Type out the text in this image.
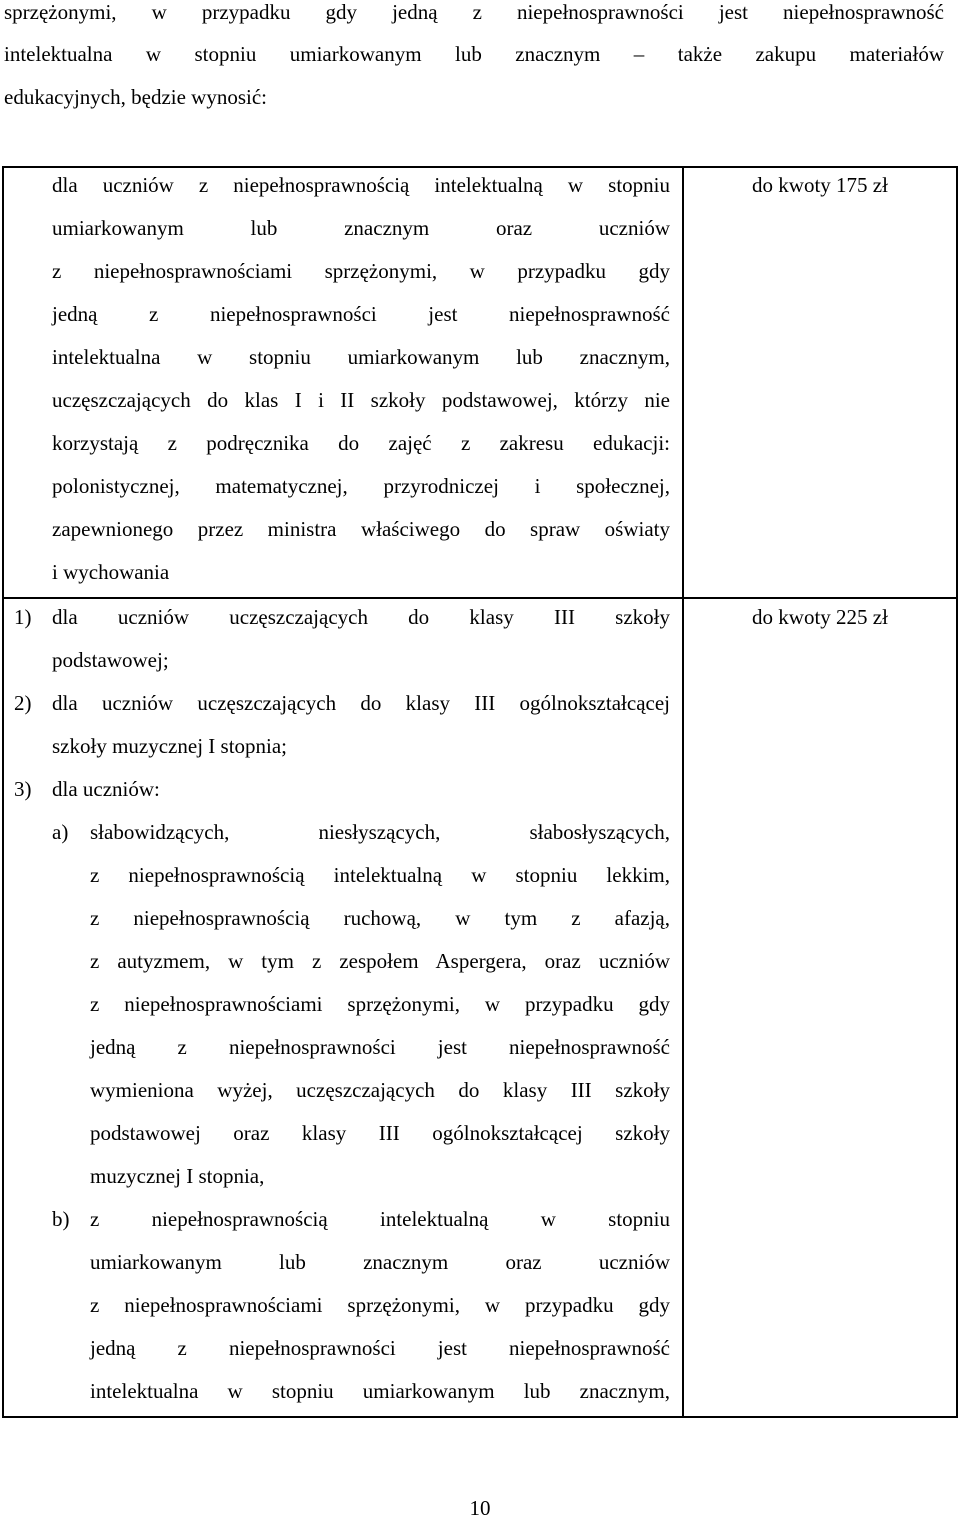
sprzężonymi, w przypadku gdy jedną z niepełnosprawności jest niepełnosprawność
intelektualna w stopniu umiarkowanym lub znacznym – także zakupu materiałów
edukacyjnych, będzie wynosić:
dla uczniów z niepełnosprawnością intelektualną w stopniu
umiarkowanym lub znacznym oraz uczniów
z niepełnosprawnościami sprzężonymi, w przypadku gdy
jedną z niepełnosprawności jest niepełnosprawność
intelektualna w stopniu umiarkowanym lub znacznym,
uczęszczających do klas I i II szkoły podstawowej, którzy nie
korzystają z podręcznika do zajęć z zakresu edukacji:
polonistycznej, matematycznej, przyrodniczej i społecznej,
zapewnionego przez ministra właściwego do spraw oświaty
i wychowania
do kwoty 175 zł
1) dla uczniów uczęszczających do klasy III szkoły
podstawowej;
2) dla uczniów uczęszczających do klasy III ogólnokształcącej
szkoły muzycznej I stopnia;
3) dla uczniów:
a) słabowidzących, niesłyszących, słabosłyszących,
z niepełnosprawnością intelektualną w stopniu lekkim,
z niepełnosprawnością ruchową, w tym z afazją,
z autyzmem, w tym z zespołem Aspergera, oraz uczniów
z niepełnosprawnościami sprzężonymi, w przypadku gdy
jedną z niepełnosprawności jest niepełnosprawność
wymieniona wyżej, uczęszczających do klasy III szkoły
podstawowej oraz klasy III ogólnokształcącej szkoły
muzycznej I stopnia,
b) z niepełnosprawnością intelektualną w stopniu
umiarkowanym lub znacznym oraz uczniów
z niepełnosprawnościami sprzężonymi, w przypadku gdy
jedną z niepełnosprawności jest niepełnosprawność
intelektualna w stopniu umiarkowanym lub znacznym,
do kwoty 225 zł
10
